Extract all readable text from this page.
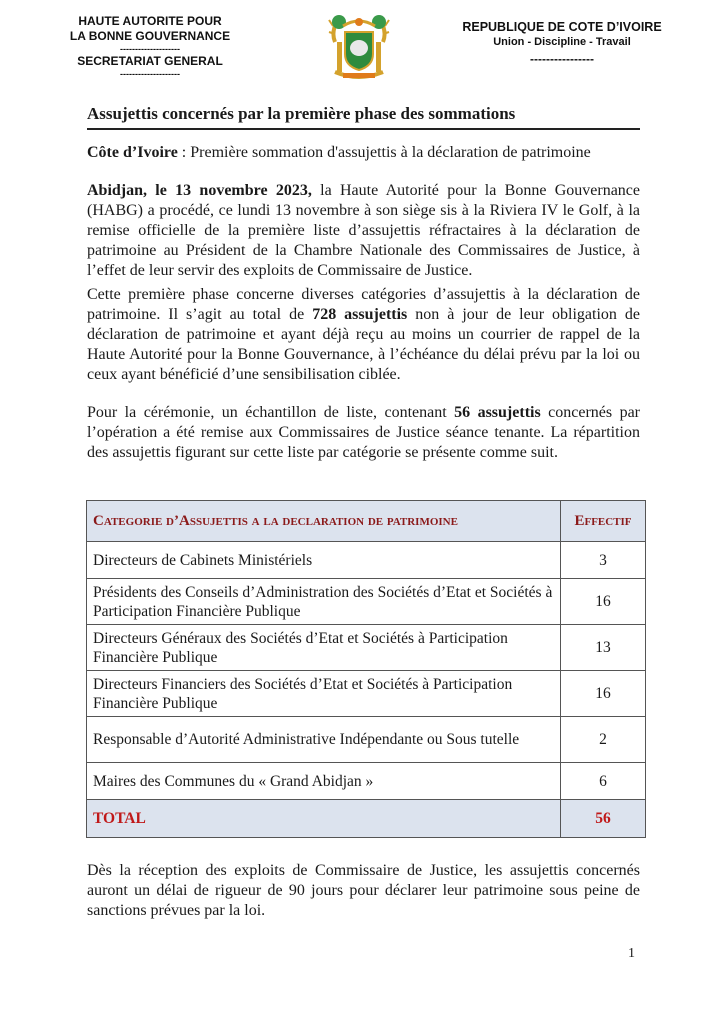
HAUTE AUTORITE POUR
LA BONNE GOUVERNANCE
--------------------
SECRETARIAT GENERAL
--------------------
REPUBLIQUE DE COTE D’IVOIRE
Union - Discipline - Travail
----------------
Assujettis concernés par la première phase des sommations
Côte d’Ivoire : Première sommation d'assujettis à la déclaration de patrimoine
Abidjan, le 13 novembre 2023, la Haute Autorité pour la Bonne Gouvernance (HABG) a procédé, ce lundi 13 novembre à son siège sis à la Riviera IV le Golf, à la remise officielle de la première liste d’assujettis réfractaires à la déclaration de patrimoine au Président de la Chambre Nationale des Commissaires de Justice, à l’effet de leur servir des exploits de Commissaire de Justice.
Cette première phase concerne diverses catégories d’assujettis à la déclaration de patrimoine. Il s’agit au total de 728 assujettis non à jour de leur obligation de déclaration de patrimoine et ayant déjà reçu au moins un courrier de rappel de la Haute Autorité pour la Bonne Gouvernance, à l’échéance du délai prévu par la loi ou ceux ayant bénéficié d’une sensibilisation ciblée.
Pour la cérémonie, un échantillon de liste, contenant 56 assujettis concernés par l’opération a été remise aux Commissaires de Justice séance tenante. La répartition des assujettis figurant sur cette liste par catégorie se présente comme suit.
Categorie d’Assujettis a la declaration de patrimoine	Effectif
Directeurs de Cabinets Ministériels	3
Présidents des Conseils d’Administration des Sociétés d’Etat et Sociétés à Participation Financière Publique	16
Directeurs Généraux des Sociétés d’Etat et Sociétés à Participation Financière Publique	13
Directeurs Financiers des Sociétés d’Etat et Sociétés à Participation Financière Publique	16
Responsable d’Autorité Administrative Indépendante ou Sous tutelle	2
Maires des Communes du « Grand Abidjan »	6
TOTAL	56
Dès la réception des exploits de Commissaire de Justice, les assujettis concernés auront un délai de rigueur de 90 jours pour déclarer leur patrimoine sous peine de sanctions prévues par la loi.
1
